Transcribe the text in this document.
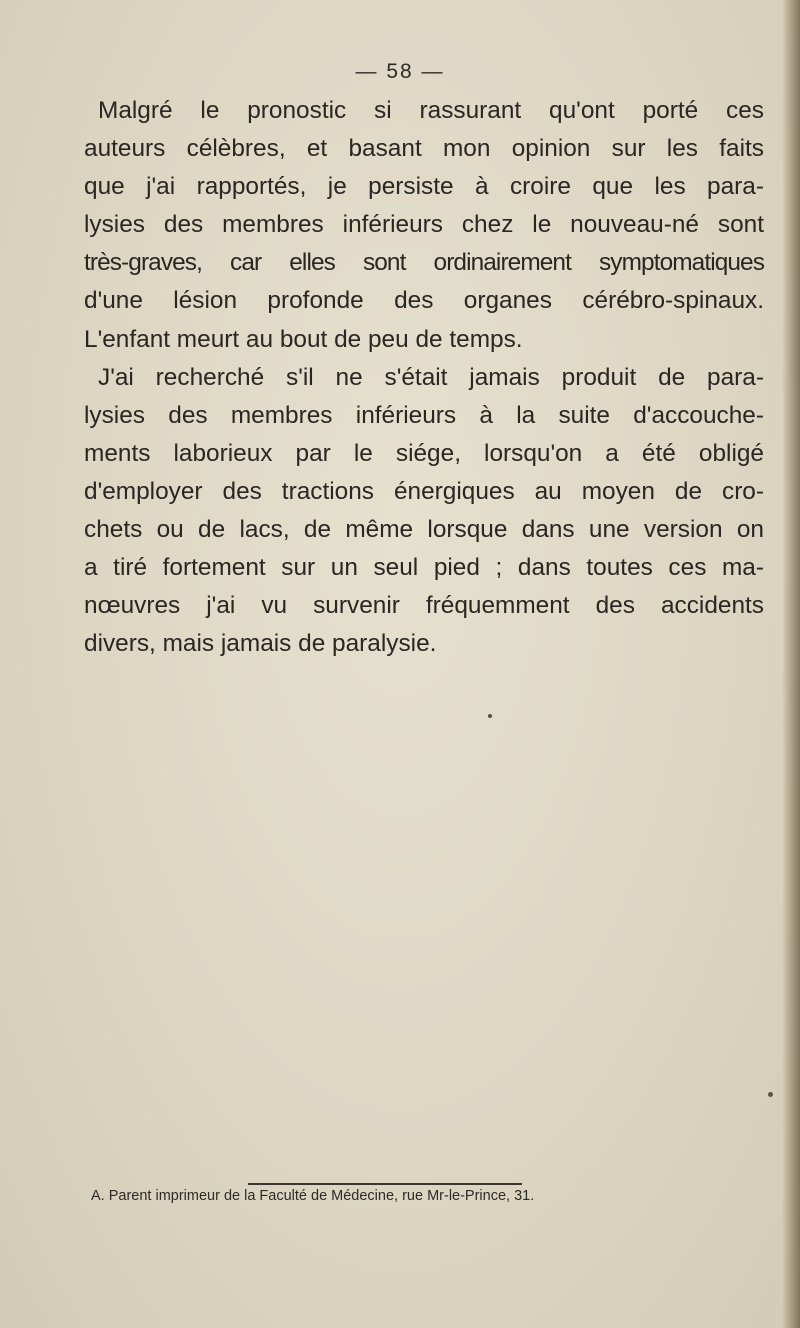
— 58 —
Malgré le pronostic si rassurant qu'ont porté ces
auteurs célèbres, et basant mon opinion sur les faits
que j'ai rapportés, je persiste à croire que les para-
lysies des membres inférieurs chez le nouveau-né sont
très-graves, car elles sont ordinairement symptomatiques
d'une lésion profonde des organes cérébro-spinaux.
L'enfant meurt au bout de peu de temps.
J'ai recherché s'il ne s'était jamais produit de para-
lysies des membres inférieurs à la suite d'accouche-
ments laborieux par le siége, lorsqu'on a été obligé
d'employer des tractions énergiques au moyen de cro-
chets ou de lacs, de même lorsque dans une version on
a tiré fortement sur un seul pied ; dans toutes ces ma-
nœuvres j'ai vu survenir fréquemment des accidents
divers, mais jamais de paralysie.
A. Parent imprimeur de la Faculté de Médecine, rue Mr-le-Prince, 31.
